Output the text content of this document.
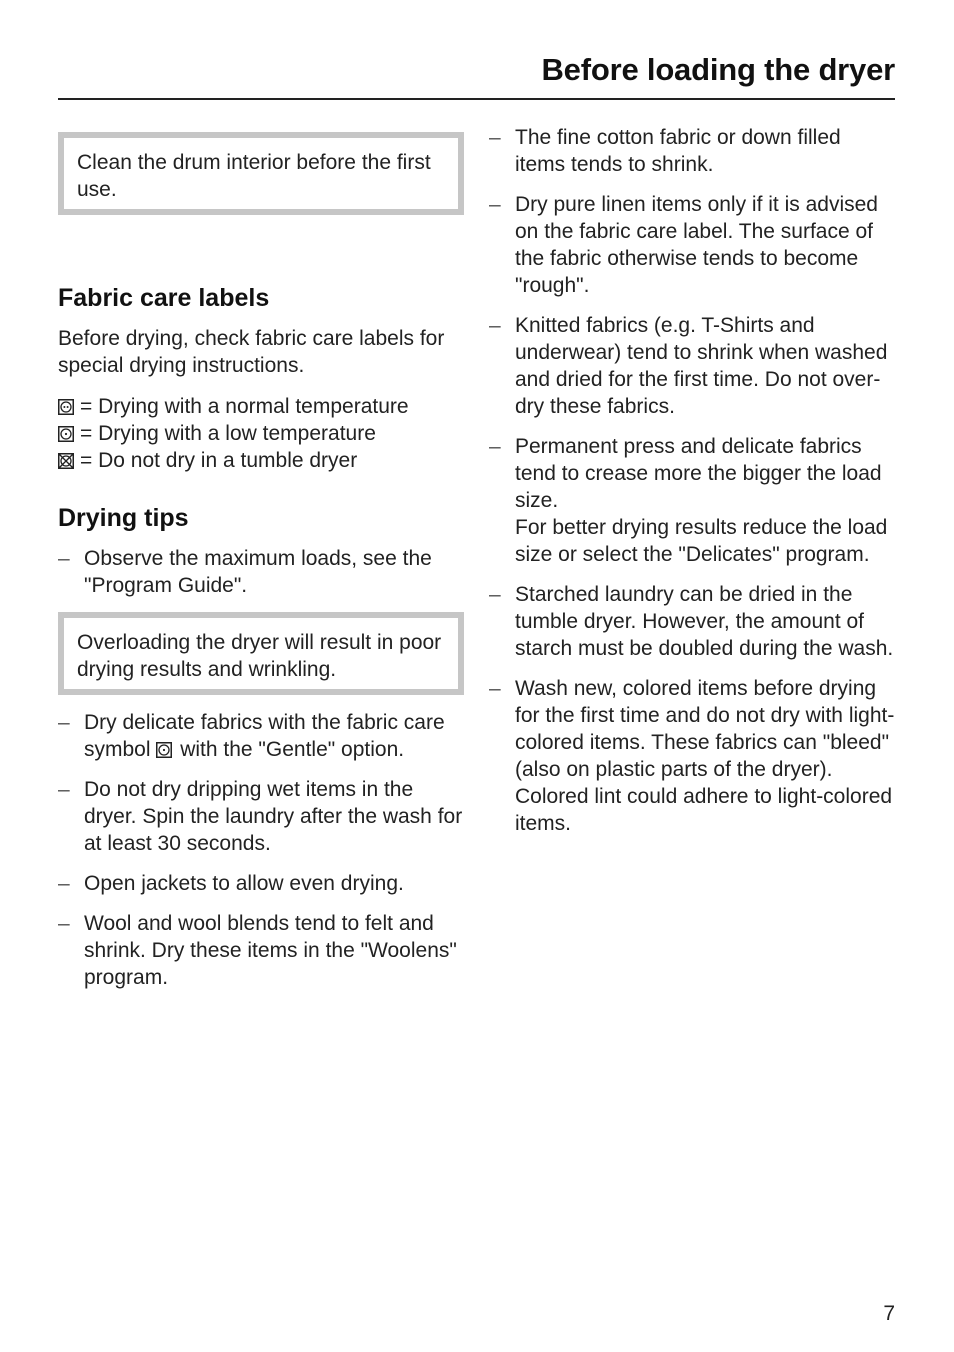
Before loading the dryer

Clean the drum interior before the first use.

Fabric care labels

Before drying, check fabric care labels for special drying instructions.

= Drying with a normal temperature
= Drying with a low temperature
= Do not dry in a tumble dryer
Drying tips
– Observe the maximum loads, see the "Program Guide".

Overloading the dryer will result in poor drying results and wrinkling.

– Dry delicate fabrics with the fabric care symbol with the "Gentle" option.
– Do not dry dripping wet items in the dryer. Spin the laundry after the wash for at least 30 seconds.
– Open jackets to allow even drying.
– Wool and wool blends tend to felt and shrink. Dry these items in the "Woolens" program.
– The fine cotton fabric or down filled items tends to shrink.
– Dry pure linen items only if it is advised on the fabric care label. The surface of the fabric otherwise tends to become "rough".
– Knitted fabrics (e.g. T-Shirts and underwear) tend to shrink when washed and dried for the first time. Do not over-dry these fabrics.
– Permanent press and delicate fabrics tend to crease more the bigger the load size.
For better drying results reduce the load size or select the "Delicates" program.
– Starched laundry can be dried in the tumble dryer. However, the amount of starch must be doubled during the wash.
– Wash new, colored items before drying for the first time and do not dry with light-colored items. These fabrics can "bleed" (also on plastic parts of the dryer). Colored lint could adhere to light-colored items.
7
